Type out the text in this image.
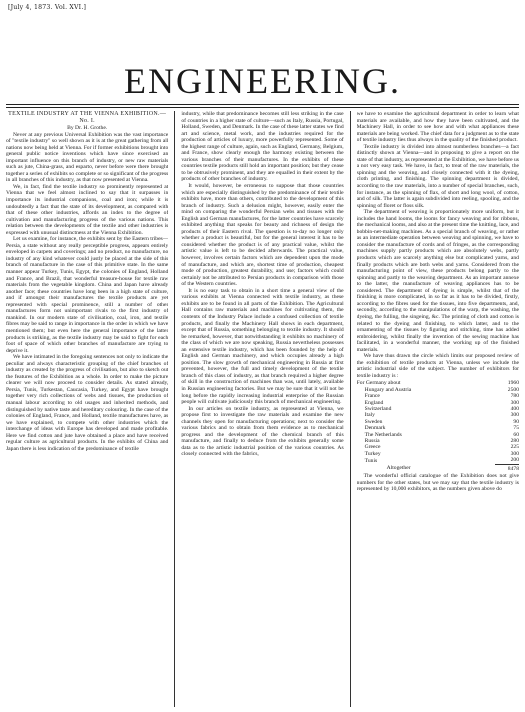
[July 4, 1873. Vol. XVI.]
ENGINEERING.

TEXTILE INDUSTRY AT THE VIENNA EXHIBITION.—No. I.

By Dr. H. Grothe.

Never at any previous Universal Exhibition was the vast importance of "textile industry" so well shown as it is at the great gathering from all nations now being held at Vienna. For if former exhibitions brought into general public notice inventions which have since exercised an important influence on this branch of industry, or new raw materials such as jute, China-grass, and esparto, never before were there brought together a series of exhibits so complete or so significant of the progress in all branches of this industry, as that now presented at Vienna.

We, in fact, find the textile industry so prominently represented at Vienna that we feel almost inclined to say that it surpasses in importance its industrial companions, coal and iron; while it is undoubtedly a fact that the state of its development, as compared with that of these other industries, affords an index to the degree of cultivation and manufacturing progress of the various nations. This relation between the developments of the textile and other industries is expressed with unusual distinctness at the Vienna Exhibition.

Let us examine, for instance, the exhibits sent by the Eastern tribes—Persia, a state without any really perceptible progress, appears entirely enveloped in carpets and coverings; and no product, no manufacture, no industry of any kind whatever could justly be placed at the side of this branch of manufacture in the case of this primitive state. In the same manner appear Turkey, Tunis, Egypt, the colonies of England, Holland and France, and Brazil, that wonderful treasure-house for textile raw materials from the vegetable kingdom. China and Japan have already another face; these countries have long been in a high state of culture, and if amongst their manufactures the textile products are yet represented with special prominence, still a number of other manufactures form not unimportant rivals to the first industry of mankind. In our modern state of civilisation, coal, iron, and textile fibres may be said to range in importance in the order in which we have mentioned them; but even here the general importance of the latter products is striking, as the textile industry may be said to fight for each foot of space of which other branches of manufacture are trying to deprive it.

We have intimated in the foregoing sentences not only to indicate the peculiar and always characteristic grouping of the chief branches of industry as created by the progress of civilisation, but also to sketch out the features of the Exhibition as a whole. In order to make the picture clearer we will now proceed to consider details. As stated already, Persia, Tunis, Turkestan, Caucasia, Turkey, and Egypt have brought together very rich collections of webs and tissues, the production of manual labour according to old usages and inherited methods, and distinguished by native taste and hereditary colouring. In the case of the colonies of England, France, and Holland, textile manufactures have, as we have explained, to compete with other industries which the interchange of ideas with Europe has developed and made profitable. Here we find cotton and jute have obtained a place and have received regular culture as agricultural products. In the exhibits of China and Japan there is less indication of the predominance of textile

industry, while that predominance becomes still less striking in the case of countries in a higher state of culture—such as Italy, Russia, Portugal, Holland, Sweden, and Denmark. In the case of these latter states we find art and science, metal work, and the industries required for the production of articles of luxury, more powerfully represented. Some of the highest range of culture, again, such as England, Germany, Belgium, and France, show clearly enough the harmony existing between the various branches of their manufactures. In the exhibits of these countries textile products still hold an important position; but they cease to be obtrusively prominent, and they are equalled in their extent by the products of other branches of industry.

It would, however, be erroneous to suppose that those countries which are especially distinguished by the predominance of their textile exhibits have, more than others, contributed to the development of this branch of industry. Such a delusion might, however, easily enter the mind on comparing the wonderful Persian webs and tissues with the English and German manufactures, for the latter countries have scarcely exhibited anything that speaks for beauty and richness of design the products of their Eastern rival. The question is to-day no longer only whether a product is beautiful, but for the general interest it has to be considered whether the product is of any practical value, whilst the artistic value is left to be decided afterwards. The practical value, however, involves certain factors which are dependent upon the mode of manufacture, and which are, shortest time of production, cheapest mode of production, greatest durability, and use; factors which could certainly not be attributed to Persian products in comparison with those of the Western countries.

It is no easy task to obtain in a short time a general view of the various exhibits at Vienna connected with textile industry, as these exhibits are to be found in all parts of the Exhibition. The Agricultural Hall contains raw materials and machines for cultivating them, the contents of the Industry Palace include a confused collection of textile products, and finally the Machinery Hall shows in each department, except that of Russia, something belonging to textile industry. It should be remarked, however, that notwithstanding it exhibits no machinery of the class of which we are now speaking, Russia nevertheless possesses an extensive textile industry, which has been founded by the help of English and German machinery, and which occupies already a high position. The slow growth of mechanical engineering in Russia at first prevented, however, the full and timely development of the textile branch of this class of industry, as that branch required a higher degree of skill in the construction of machines than was, until lately, available in Russian engineering factories. But we may be sure that it will not be long before the rapidly increasing industrial enterprise of the Russian people will cultivate judiciously this branch of mechanical engineering.

In our articles on textile industry, as represented at Vienna, we propose first to investigate the raw materials and examine the new channels they open for manufacturing operations; next to consider the various fabrics and to obtain from them evidence as to mechanical progress and the development of the chemical branch of this manufacture, and finally to deduce from the exhibits generally some data as to the artistic industrial position of the various countries. As closely connected with the fabrics,

we have to examine the agricultural department in order to learn what materials are available, and how they have been cultivated, and the Machinery Hall, in order to see how and with what appliances these materials are being worked. The chief data for a judgment as to the state of textile industry lies thus always in the quality of the finished product.

Textile industry is divided into almost numberless branches—a fact distinctly shown at Vienna—and in proposing to give a report on the state of that industry, as represented at the Exhibition, we have before us a not very easy task. We have, in fact, to treat of the raw materials, the spinning and the weaving, and closely connected with it the dyeing, cloth printing, and finishing. The spinning department is divided, according to the raw materials, into a number of special branches, such, for instance, as the spinning of flax, of short and long wool, of cotton, and of silk. The latter is again subdivided into reeling, spooling, and the spinning of floret or floss silk.

The department of weaving is proportionately more uniform, but it includes the hand looms, the looms for fancy weaving and for ribbons, the mechanical looms, and also at the present time the knitting, lace, and bobbin-net-making machines. As a special branch of weaving, or rather as an intermediate operation between weaving and spinning, we have to consider the manufacture of cords and of fringes, as the corresponding machines supply partly products which are absolutely webs, partly products which are scarcely anything else but complicated yarns, and finally products which are both webs and yarns. Considered from the manufacturing point of view, these products belong partly to the spinning and partly to the weaving department. As an important annexe to the latter, the manufacture of weaving appliances has to be considered. The department of dyeing is simple, whilst that of the finishing is more complicated, in so far as it has to be divided, firstly, according to the fibres used for the tissues, into five departments, and, secondly, according to the manipulations of the warp, the washing, the dyeing, the fulling, the singeing, &c. The printing of cloth and cotton is related to the dyeing and finishing, to which latter, and to the ornamenting of the tissues by figuring and stitching, time has added embroidering, whilst finally the invention of the sewing machine has facilitated, in a wonderful manner, the working up of the finished materials.

We have thus drawn the circle which limits our proposed review of the exhibition of textile products at Vienna, unless we include the artistic industrial side of the subject. The number of exhibitors for textile industry is :

For Germany about		1960
Hungary and Austria		2500
France		780
England		300
Switzerland		400
Italy		300
Sweden		90
Denmark		75
The Netherlands		60
Russia		280
Greece		225
Turkey		300
Tunis		200
Altogether		8478

The wonderful official catalogue of the Exhibition does not give numbers for the other states, but we may say that the textile industry is represented by 10,000 exhibitors, as the numbers given above do
